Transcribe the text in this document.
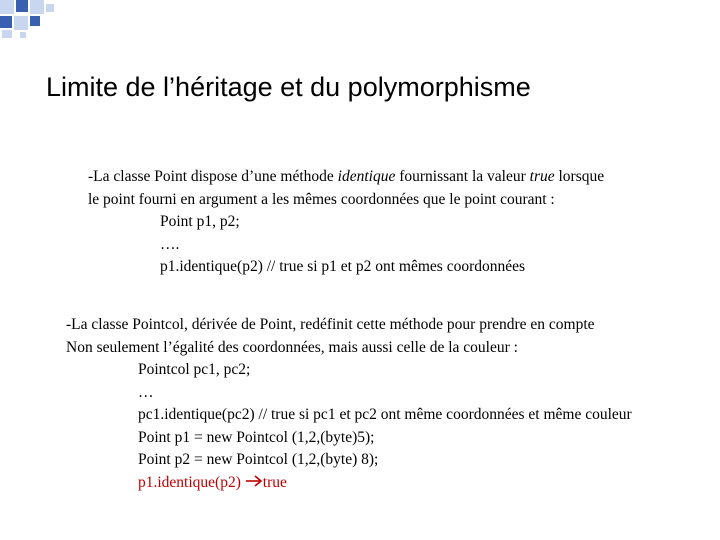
Limite de l’héritage et du polymorphisme
-La classe Point dispose d’une méthode identique fournissant la valeur true lorsque
le point fourni en argument a les mêmes coordonnées que le point courant :
Point p1, p2;
….
p1.identique(p2) // true si p1 et p2 ont mêmes coordonnées
-La classe Pointcol, dérivée de Point, redéfinit cette méthode pour prendre en compte
Non seulement l’égalité des coordonnées, mais aussi celle de la couleur :
Pointcol pc1, pc2;
…
pc1.identique(pc2) // true si pc1 et pc2 ont même coordonnées et même couleur
Point p1 = new Pointcol (1,2,(byte)5);
Point p2 = new Pointcol (1,2,(byte) 8);
p1.identique(p2)
true
